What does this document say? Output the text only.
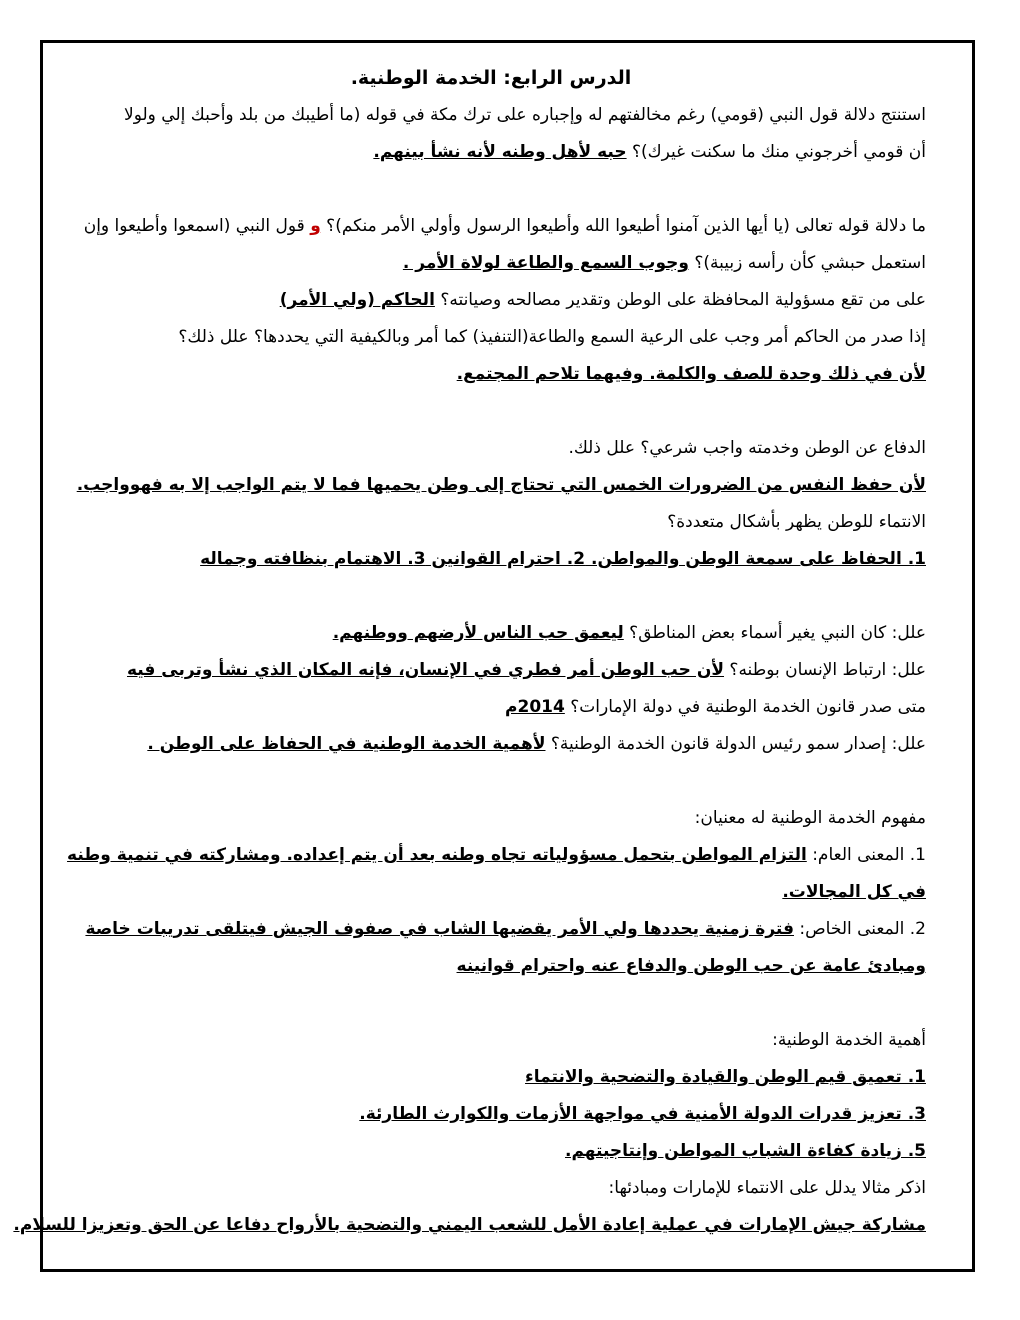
الدرس الرابع: الخدمة الوطنية.
استنتج دلالة قول النبي (قومي) رغم مخالفتهم له وإجباره على ترك مكة في قوله (ما أطيبك من بلد وأحبك إلي ولولا
أن قومي أخرجوني منك ما سكنت غيرك)؟ حبه لأهل وطنه لأنه نشأ بينهم.
ما دلالة قوله تعالى (يا أيها الذين آمنوا أطيعوا الله وأطيعوا الرسول وأولي الأمر منكم)؟ و قول النبي (اسمعوا وأطيعوا وإن
استعمل حبشي كأن رأسه زبيبة)؟ وجوب السمع والطاعة لولاة الأمر .
على من تقع مسؤولية المحافظة على الوطن وتقدير مصالحه وصيانته؟ الحاكم (ولي الأمر)
إذا صدر من الحاكم أمر وجب على الرعية السمع والطاعة(التنفيذ) كما أمر وبالكيفية التي يحددها؟ علل ذلك؟
لأن في ذلك وحدة للصف والكلمة. وفيهما تلاحم المجتمع.
الدفاع عن الوطن وخدمته واجب شرعي؟ علل ذلك.
لأن حفظ النفس من الضرورات الخمس التي تحتاج إلى وطن يحميها فما لا يتم الواجب إلا به فهوواجب.
الانتماء للوطن يظهر بأشكال متعددة؟
1. الحفاظ على سمعة الوطن والمواطن. 2. احترام القوانين 3. الاهتمام بنظافته وجماله
علل: كان النبي يغير أسماء بعض المناطق؟ ليعمق حب الناس لأرضهم ووطنهم.
علل: ارتباط الإنسان بوطنه؟ لأن حب الوطن أمر فطري في الإنسان، فإنه المكان الذي نشأ وتربى فيه
متى صدر قانون الخدمة الوطنية في دولة الإمارات؟ 2014م
علل: إصدار سمو رئيس الدولة قانون الخدمة الوطنية؟ لأهمية الخدمة الوطنية في الحفاظ على الوطن .
مفهوم الخدمة الوطنية له معنيان:
1. المعنى العام: التزام المواطن بتحمل مسؤولياته تجاه وطنه بعد أن يتم إعداده. ومشاركته في تنمية وطنه في كل المجالات.
2. المعنى الخاص: فترة زمنية يحددها ولي الأمر يقضيها الشاب في صفوف الجيش فيتلقى تدريبات خاصة ومبادئ عامة عن حب الوطن والدفاع عنه واحترام قوانينه
أهمية الخدمة الوطنية:
1. تعميق قيم الوطن والقيادة والتضحية والانتماء
3. تعزيز قدرات الدولة الأمنية في مواجهة الأزمات والكوارث الطارئة.
5. زيادة كفاءة الشباب المواطن وإنتاجيتهم.
اذكر مثالا يدلل على الانتماء للإمارات ومبادئها:
مشاركة جيش الإمارات في عملية إعادة الأمل للشعب اليمني والتضحية بالأرواح دفاعا عن الحق وتعزيزا للسلام.
